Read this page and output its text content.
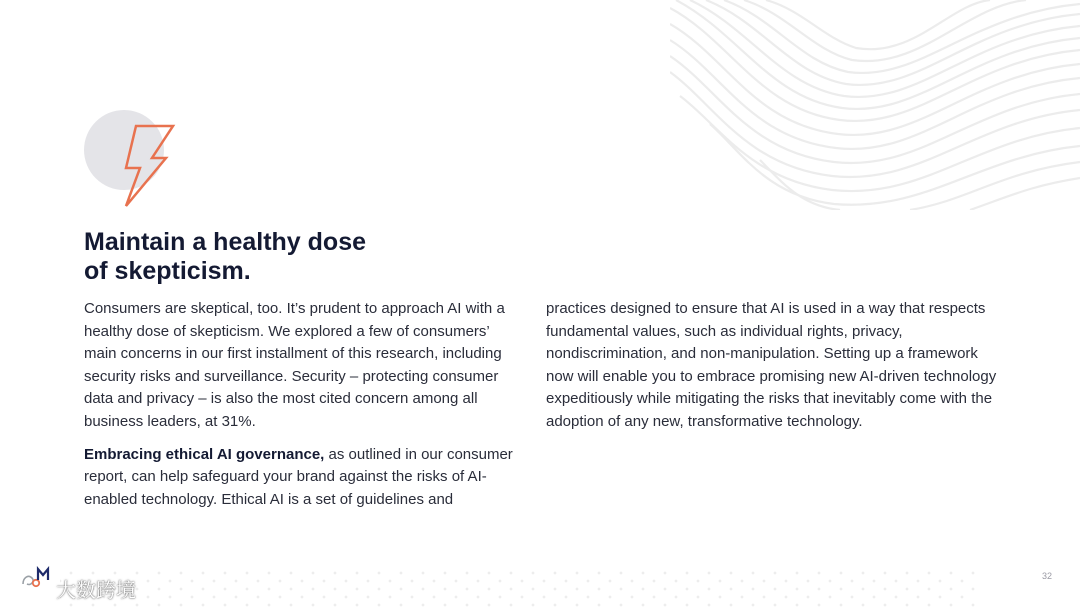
Maintain a healthy dose
of skepticism.

Consumers are skeptical, too. It’s prudent to approach AI with a healthy dose of skepticism. We explored a few of consumers’ main concerns in our first installment of this research, including security risks and surveillance. Security – protecting consumer data and privacy – is also the most cited concern among all business leaders, at 31%.

Embracing ethical AI governance, as outlined in our consumer report, can help safeguard your brand against the risks of AI-enabled technology. Ethical AI is a set of guidelines and

practices designed to ensure that AI is used in a way that respects fundamental values, such as individual rights, privacy, nondiscrimination, and non-manipulation. Setting up a framework now will enable you to embrace promising new AI-driven technology expeditiously while mitigating the risks that inevitably come with the adoption of any new, transformative technology.

大数跨境
32
